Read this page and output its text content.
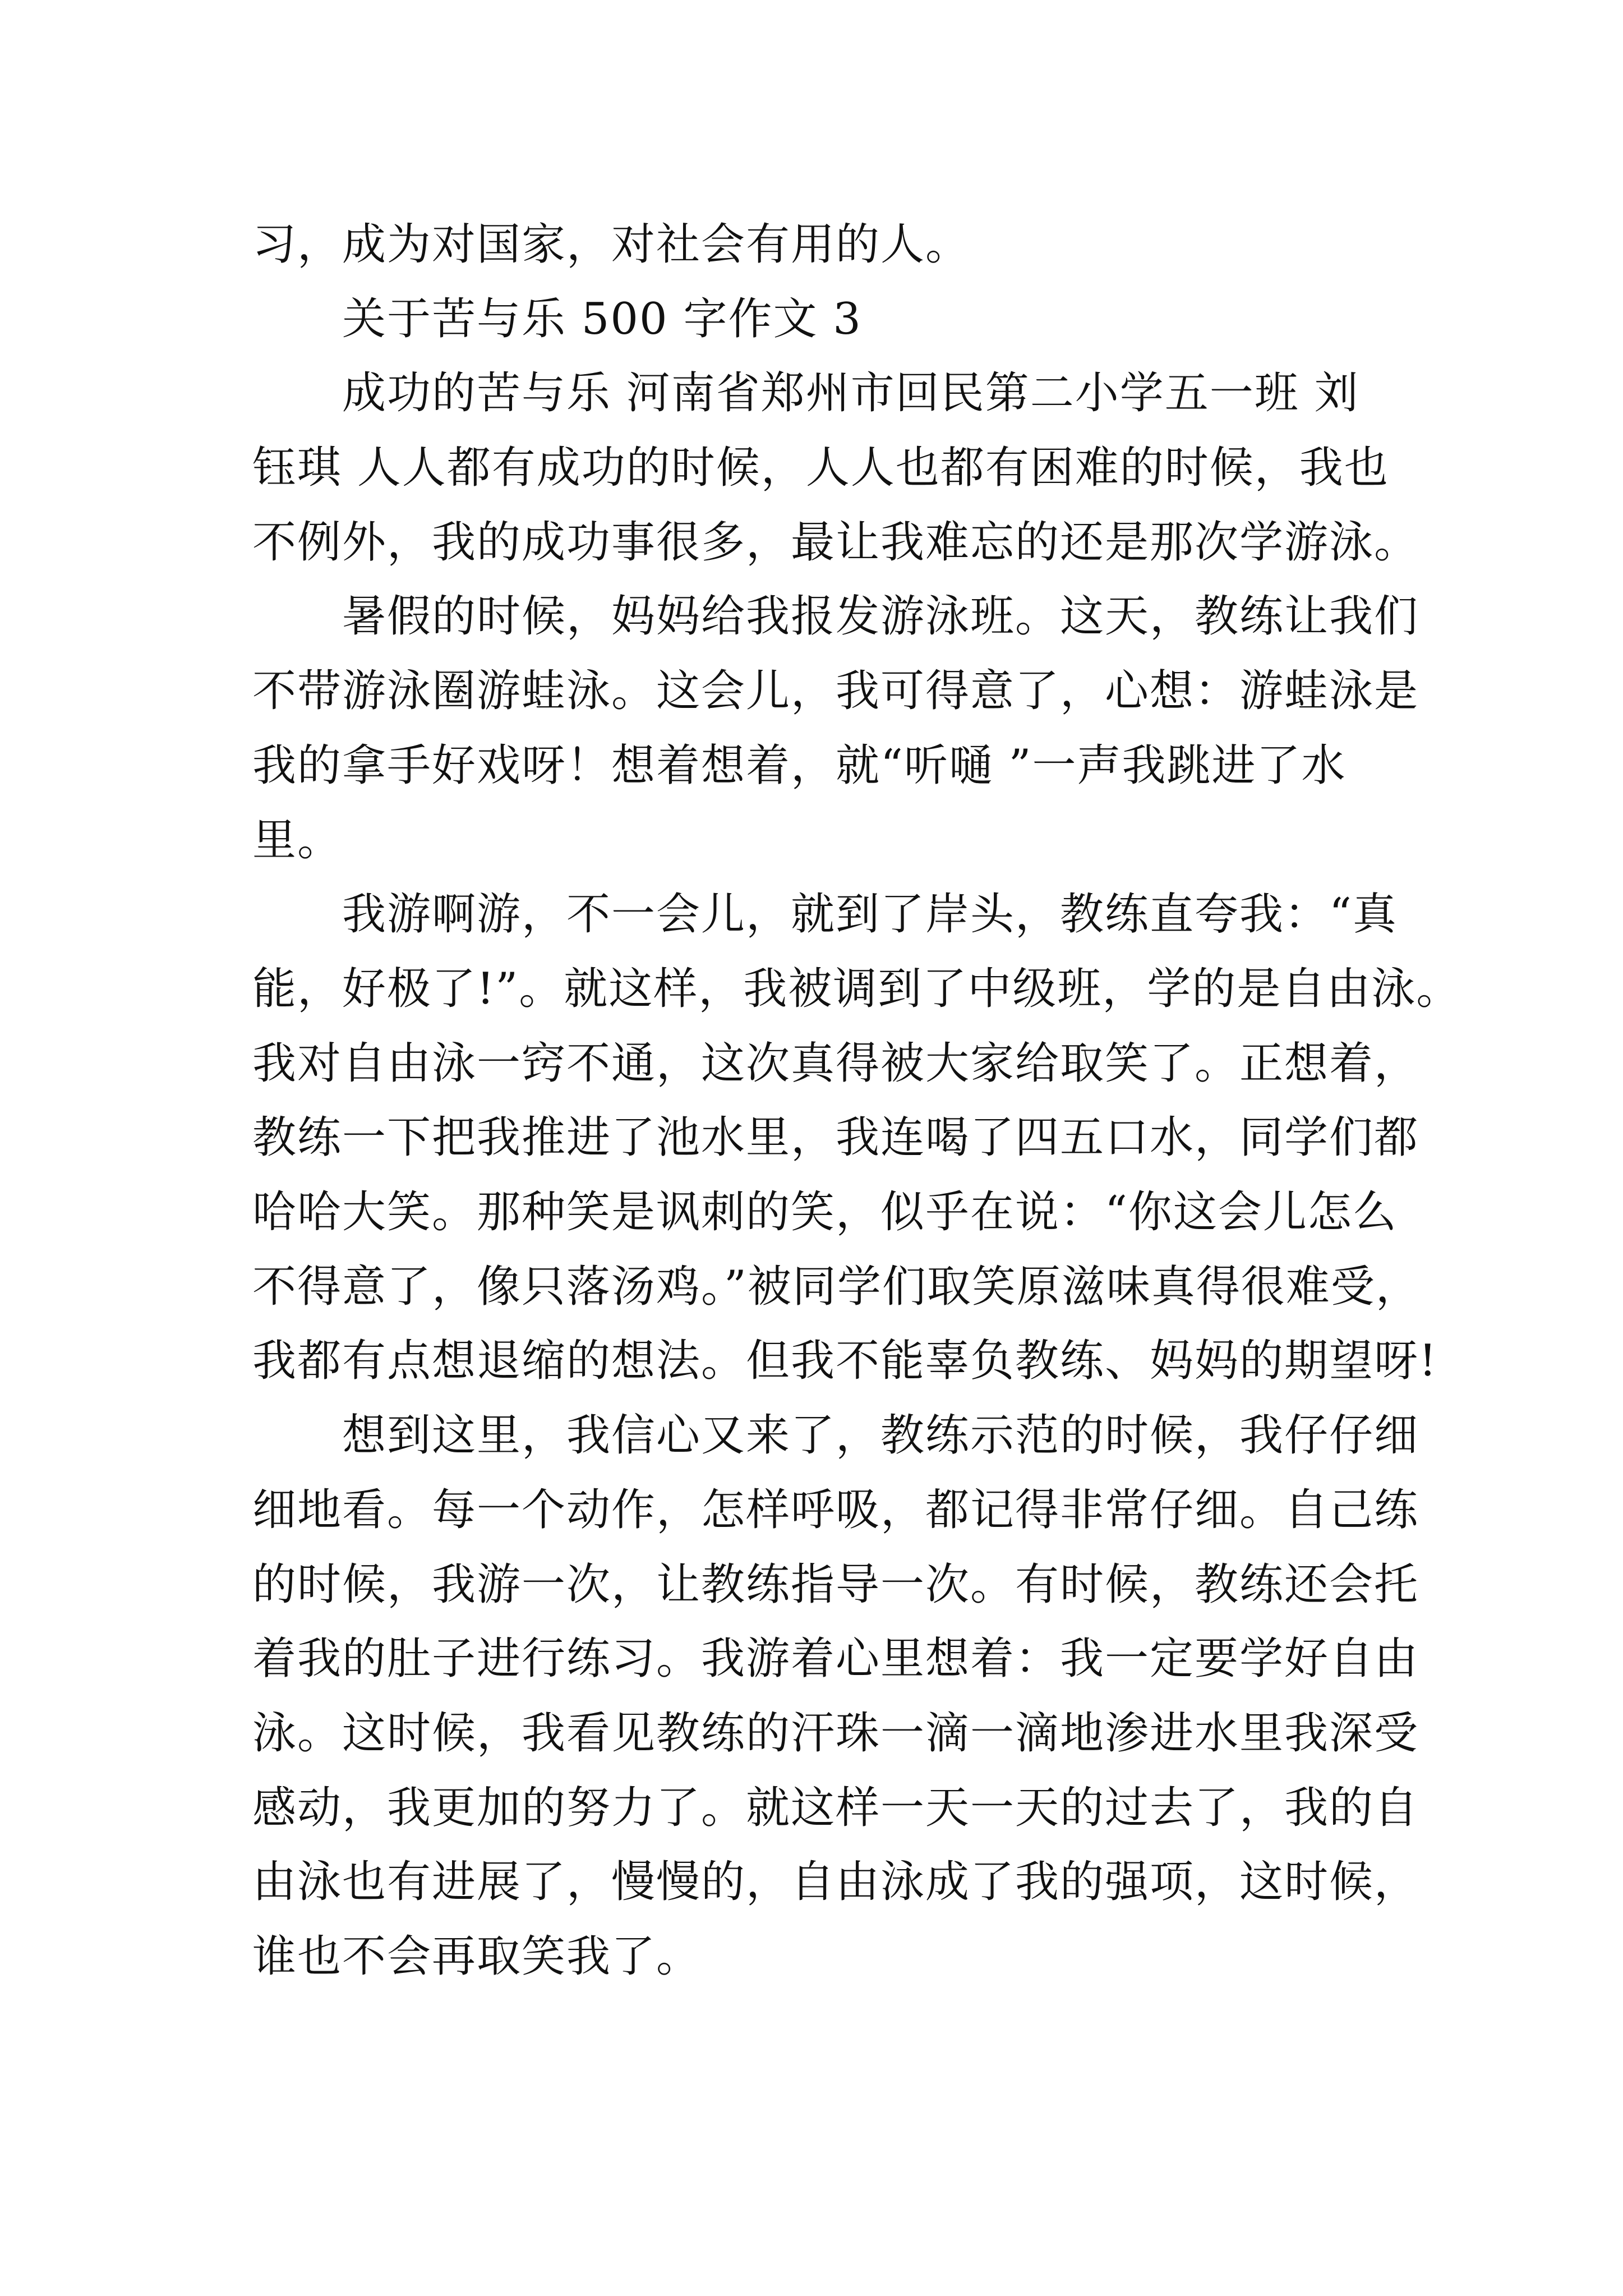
习，成为对国家，对社会有用的人。
关于苦与乐 500 字作文 3
成功的苦与乐 河南省郑州市回民第二小学五一班 刘
钰琪 人人都有成功的时候，人人也都有困难的时候，我也
不例外，我的成功事很多，最让我难忘的还是那次学游泳。
暑假的时候，妈妈给我报发游泳班。这天，教练让我们
不带游泳圈游蛙泳。这会儿，我可得意了，心想：游蛙泳是
我的拿手好戏呀！想着想着，就“听嗵 ”一声我跳进了水
里。
我游啊游，不一会儿，就到了岸头，教练直夸我：“真
能，好极了!”。就这样，我被调到了中级班，学的是自由泳。
我对自由泳一窍不通，这次真得被大家给取笑了。正想着，
教练一下把我推进了池水里，我连喝了四五口水，同学们都
哈哈大笑。那种笑是讽刺的笑，似乎在说：“你这会儿怎么
不得意了，像只落汤鸡。”被同学们取笑原滋味真得很难受，
我都有点想退缩的想法。但我不能辜负教练、妈妈的期望呀!
想到这里，我信心又来了，教练示范的时候，我仔仔细
细地看。每一个动作，怎样呼吸，都记得非常仔细。自己练
的时候，我游一次，让教练指导一次。有时候，教练还会托
着我的肚子进行练习。我游着心里想着：我一定要学好自由
泳。这时候，我看见教练的汗珠一滴一滴地渗进水里我深受
感动，我更加的努力了。就这样一天一天的过去了，我的自
由泳也有进展了，慢慢的，自由泳成了我的强项，这时候，
谁也不会再取笑我了。
